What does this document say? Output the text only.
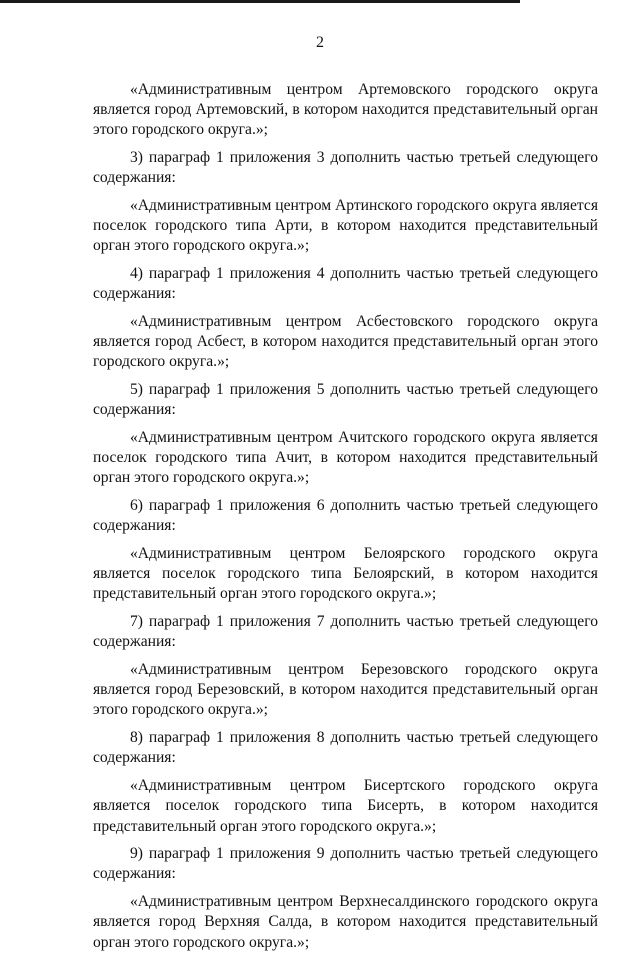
2

«Административным центром Артемовского городского округа является город Артемовский, в котором находится представительный орган этого городского округа.»;

3) параграф 1 приложения 3 дополнить частью третьей следующего содержания:

«Административным центром Артинского городского округа является поселок городского типа Арти, в котором находится представительный орган этого городского округа.»;

4) параграф 1 приложения 4 дополнить частью третьей следующего содержания:

«Административным центром Асбестовского городского округа является город Асбест, в котором находится представительный орган этого городского округа.»;

5) параграф 1 приложения 5 дополнить частью третьей следующего содержания:

«Административным центром Ачитского городского округа является поселок городского типа Ачит, в котором находится представительный орган этого городского округа.»;

6) параграф 1 приложения 6 дополнить частью третьей следующего содержания:

«Административным центром Белоярского городского округа является поселок городского типа Белоярский, в котором находится представительный орган этого городского округа.»;

7) параграф 1 приложения 7 дополнить частью третьей следующего содержания:

«Административным центром Березовского городского округа является город Березовский, в котором находится представительный орган этого городского округа.»;

8) параграф 1 приложения 8 дополнить частью третьей следующего содержания:

«Административным центром Бисертского городского округа является поселок городского типа Бисерть, в котором находится представительный орган этого городского округа.»;

9) параграф 1 приложения 9 дополнить частью третьей следующего содержания:

«Административным центром Верхнесалдинского городского округа является город Верхняя Салда, в котором находится представительный орган этого городского округа.»;
